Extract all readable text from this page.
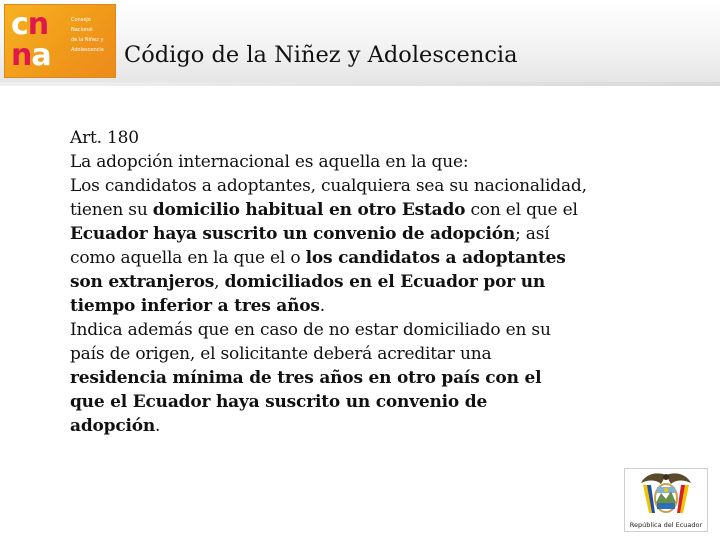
cn
na
Consejo
Nacional
de la Niñez y
Adolescencia Código de la Niñez y Adolescencia
Art. 180
La adopción internacional es aquella en la que:
Los candidatos a adoptantes, cualquiera sea su nacionalidad,
tienen su domicilio habitual en otro Estado con el que el
Ecuador haya suscrito un convenio de adopción; así
como aquella en la que el o los candidatos a adoptantes
son extranjeros, domiciliados en el Ecuador por un
tiempo inferior a tres años.
Indica además que en caso de no estar domiciliado en su
país de origen, el solicitante deberá acreditar una
residencia mínima de tres años en otro país con el
que el Ecuador haya suscrito un convenio de
adopción.
República del Ecuador
